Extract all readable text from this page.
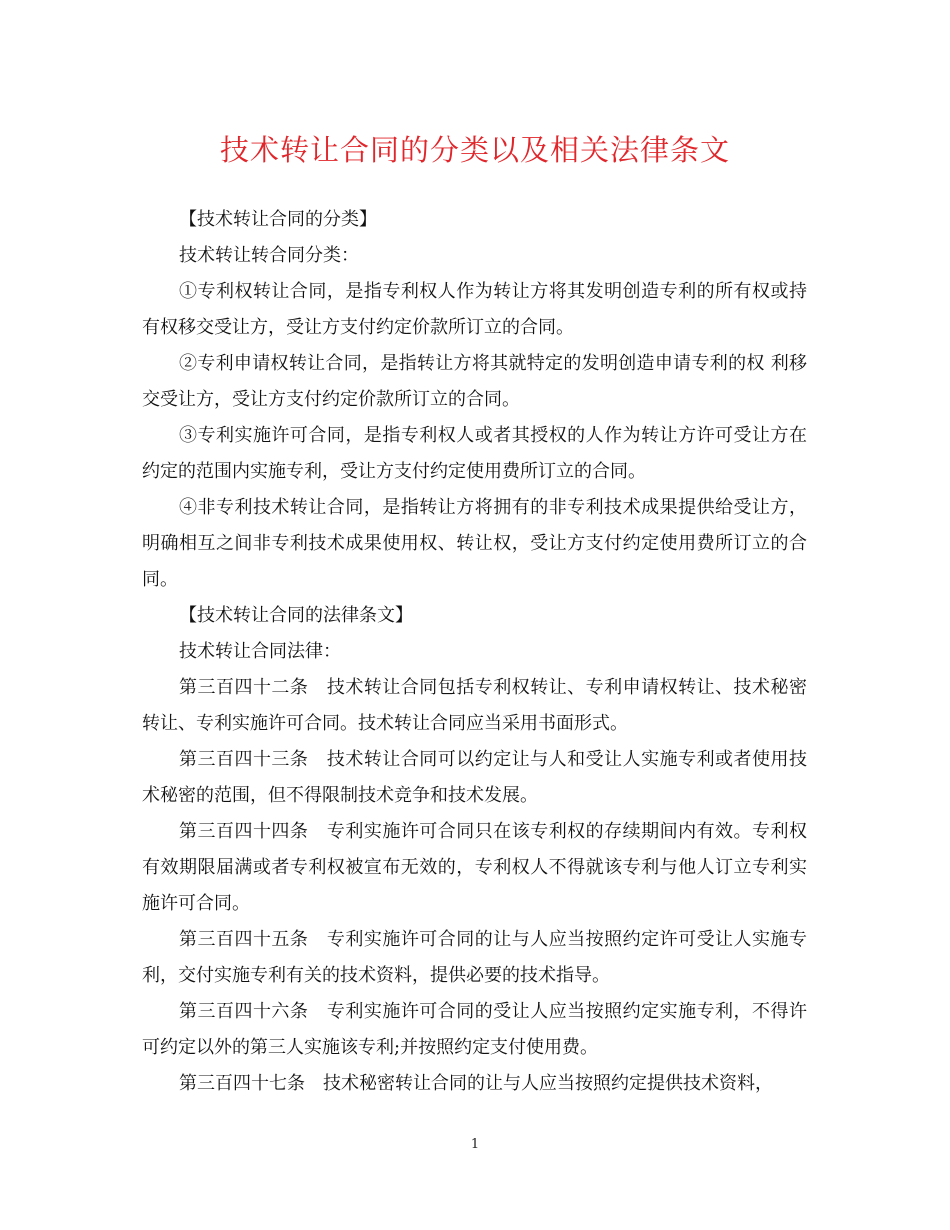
技术转让合同的分类以及相关法律条文

【技术转让合同的分类】

技术转让转合同分类：

①专利权转让合同，是指专利权人作为转让方将其发明创造专利的所有权或持有权移交受让方，受让方支付约定价款所订立的合同。

②专利申请权转让合同，是指转让方将其就特定的发明创造申请专利的权 利移交受让方，受让方支付约定价款所订立的合同。

③专利实施许可合同，是指专利权人或者其授权的人作为转让方许可受让方在约定的范围内实施专利，受让方支付约定使用费所订立的合同。

④非专利技术转让合同，是指转让方将拥有的非专利技术成果提供给受让方，明确相互之间非专利技术成果使用权、转让权，受让方支付约定使用费所订立的合同。

【技术转让合同的法律条文】

技术转让合同法律：

第三百四十二条　技术转让合同包括专利权转让、专利申请权转让、技术秘密转让、专利实施许可合同。技术转让合同应当采用书面形式。

第三百四十三条　技术转让合同可以约定让与人和受让人实施专利或者使用技术秘密的范围，但不得限制技术竞争和技术发展。

第三百四十四条　专利实施许可合同只在该专利权的存续期间内有效。专利权有效期限届满或者专利权被宣布无效的，专利权人不得就该专利与他人订立专利实施许可合同。

第三百四十五条　专利实施许可合同的让与人应当按照约定许可受让人实施专利，交付实施专利有关的技术资料，提供必要的技术指导。

第三百四十六条　专利实施许可合同的受让人应当按照约定实施专利，不得许可约定以外的第三人实施该专利;并按照约定支付使用费。

第三百四十七条　技术秘密转让合同的让与人应当按照约定提供技术资料，

1
